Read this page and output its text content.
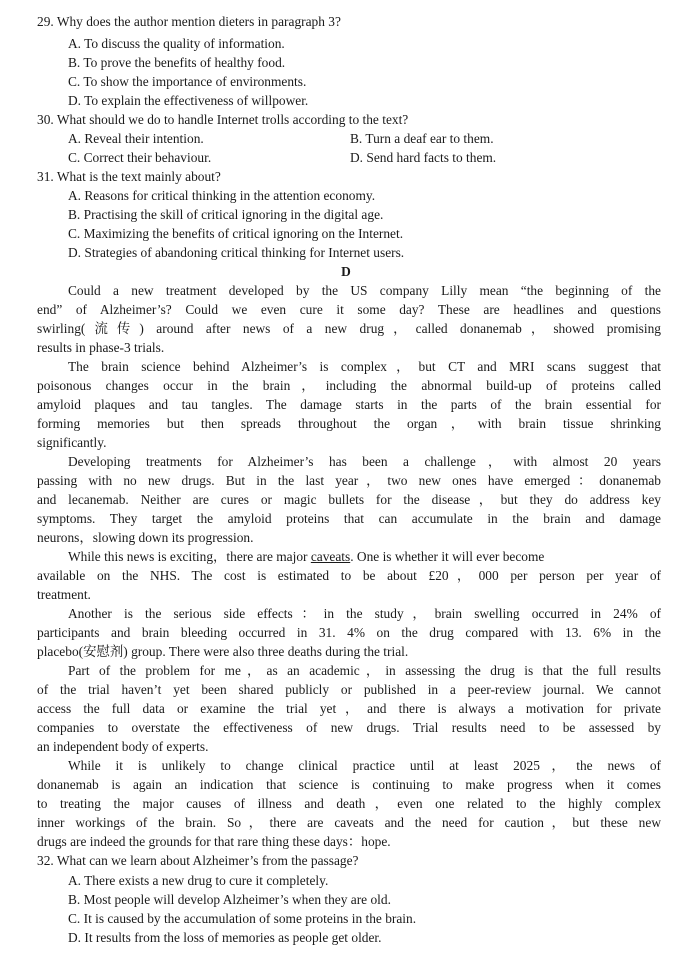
29. Why does the author mention dieters in paragraph 3?
A. To discuss the quality of information.
B. To prove the benefits of healthy food.
C. To show the importance of environments.
D. To explain the effectiveness of willpower.
30. What should we do to handle Internet trolls according to the text?
A. Reveal their intention.	B. Turn a deaf ear to them.
C. Correct their behaviour.	D. Send hard facts to them.
31. What is the text mainly about?
A. Reasons for critical thinking in the attention economy.
B. Practising the skill of critical ignoring in the digital age.
C. Maximizing the benefits of critical ignoring on the Internet.
D. Strategies of abandoning critical thinking for Internet users.
D
Could a new treatment developed by the US company Lilly mean “the beginning of the
end” of Alzheimer’s? Could we even cure it some day? These are headlines and questions
swirling(流传) around after news of a new drug，called donanemab，showed promising
results in phase-3 trials.
The brain science behind Alzheimer’s is complex，but CT and MRI scans suggest that
poisonous changes occur in the brain，including the abnormal build-up of proteins called
amyloid plaques and tau tangles. The damage starts in the parts of the brain essential for
forming memories but then spreads throughout the organ，with brain tissue shrinking
significantly.
Developing treatments for Alzheimer’s has been a challenge，with almost 20 years
passing with no new drugs. But in the last year，two new ones have emerged：donanemab
and lecanemab. Neither are cures or magic bullets for the disease，but they do address key
symptoms. They target the amyloid proteins that can accumulate in the brain and damage
neurons，slowing down its progression.
While this news is exciting，there are major caveats. One is whether it will ever become
available on the NHS. The cost is estimated to be about £20，000 per person per year of
treatment.
Another is the serious side effects：in the study，brain swelling occurred in 24% of
participants and brain bleeding occurred in 31. 4% on the drug compared with 13. 6% in the
placebo(安慰剂) group. There were also three deaths during the trial.
Part of the problem for me，as an academic，in assessing the drug is that the full results
of the trial haven’t yet been shared publicly or published in a peer-review journal. We cannot
access the full data or examine the trial yet，and there is always a motivation for private
companies to overstate the effectiveness of new drugs. Trial results need to be assessed by
an independent body of experts.
While it is unlikely to change clinical practice until at least 2025，the news of
donanemab is again an indication that science is continuing to make progress when it comes
to treating the major causes of illness and death，even one related to the highly complex
inner workings of the brain. So，there are caveats and the need for caution，but these new
drugs are indeed the grounds for that rare thing these days：hope.
32. What can we learn about Alzheimer’s from the passage?
A. There exists a new drug to cure it completely.
B. Most people will develop Alzheimer’s when they are old.
C. It is caused by the accumulation of some proteins in the brain.
D. It results from the loss of memories as people get older.
